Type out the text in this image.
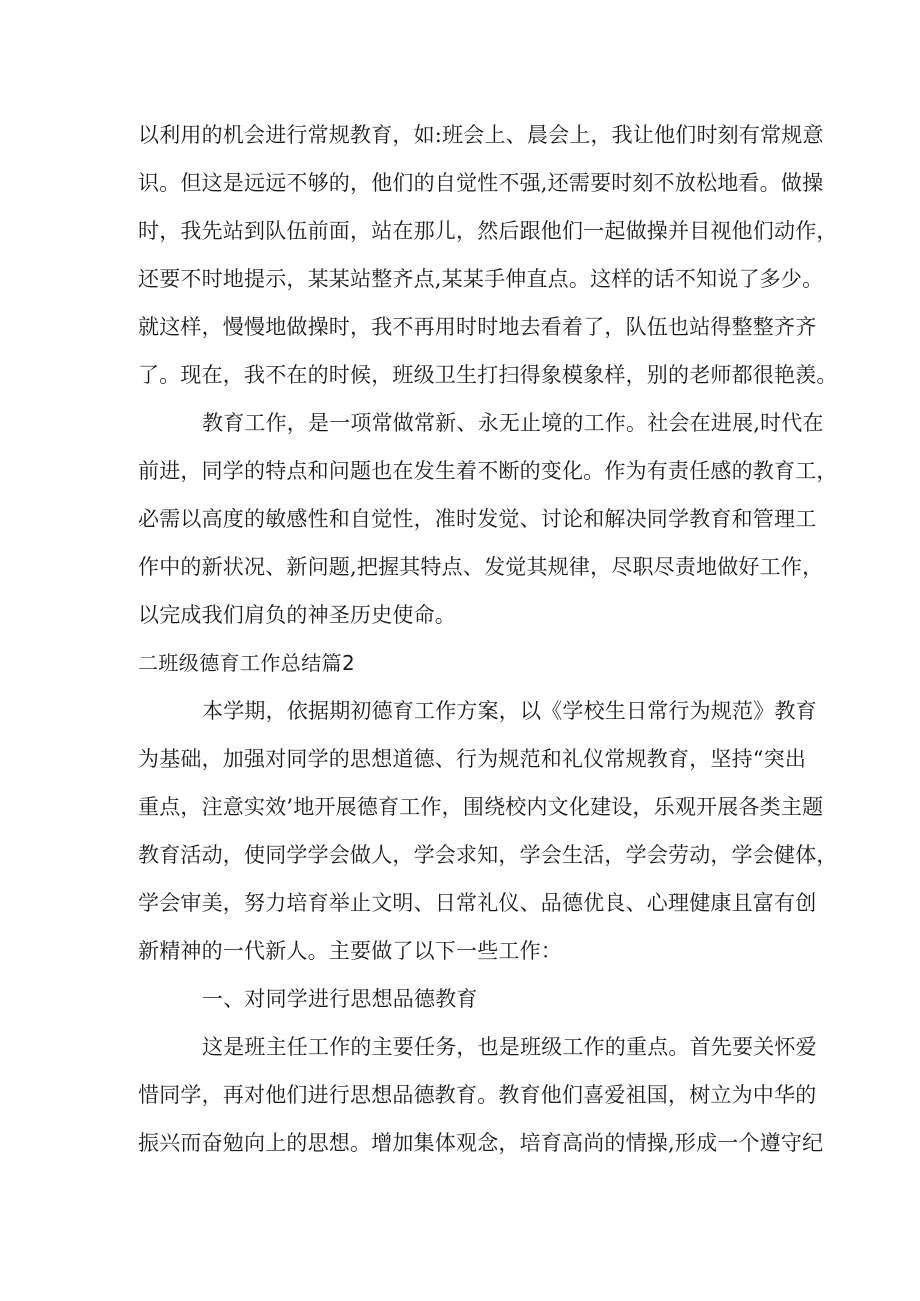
以利用的机会进行常规教育，如:班会上、晨会上，我让他们时刻有常规意
识。但这是远远不够的，他们的自觉性不强,还需要时刻不放松地看。做操
时，我先站到队伍前面，站在那儿，然后跟他们一起做操并目视他们动作，
还要不时地提示，某某站整齐点,某某手伸直点。这样的话不知说了多少。
就这样，慢慢地做操时，我不再用时时地去看着了，队伍也站得整整齐齐
了。现在，我不在的时候，班级卫生打扫得象模象样，别的老师都很艳羡。
教育工作，是一项常做常新、永无止境的工作。社会在进展,时代在
前进，同学的特点和问题也在发生着不断的变化。作为有责任感的教育工，
必需以高度的敏感性和自觉性，准时发觉、讨论和解决同学教育和管理工
作中的新状况、新问题,把握其特点、发觉其规律，尽职尽责地做好工作，
以完成我们肩负的神圣历史使命。
二班级德育工作总结篇2
本学期，依据期初德育工作方案，以《学校生日常行为规范》教育
为基础，加强对同学的思想道德、行为规范和礼仪常规教育，坚持“突出
重点，注意实效’地开展德育工作，围绕校内文化建设，乐观开展各类主题
教育活动，使同学学会做人，学会求知，学会生活，学会劳动，学会健体，
学会审美，努力培育举止文明、日常礼仪、品德优良、心理健康且富有创
新精神的一代新人。主要做了以下一些工作：
一、对同学进行思想品德教育
这是班主任工作的主要任务，也是班级工作的重点。首先要关怀爱
惜同学，再对他们进行思想品德教育。教育他们喜爱祖国，树立为中华的
振兴而奋勉向上的思想。增加集体观念，培育高尚的情操,形成一个遵守纪
